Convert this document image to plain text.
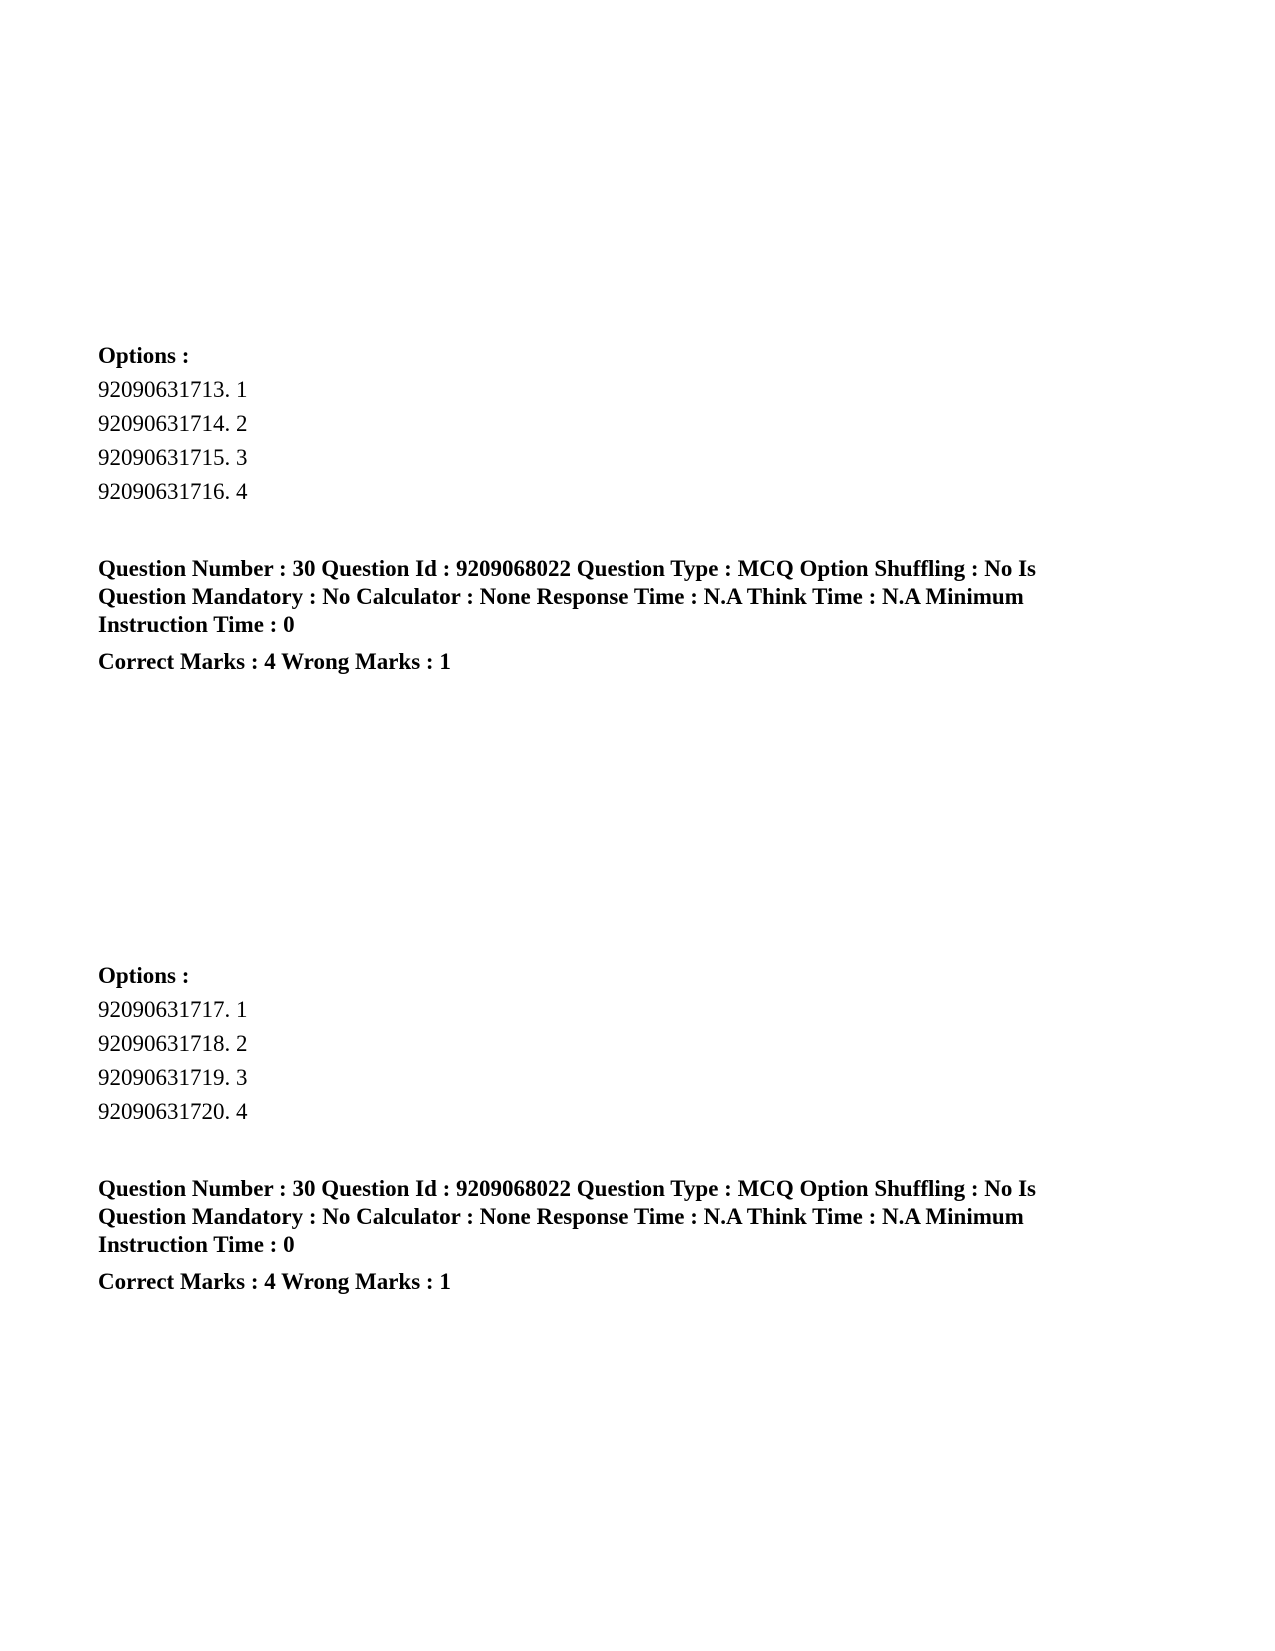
Options :
92090631713. 1
92090631714. 2
92090631715. 3
92090631716. 4
Question Number : 30 Question Id : 9209068022 Question Type : MCQ Option Shuffling : No Is
Question Mandatory : No Calculator : None Response Time : N.A Think Time : N.A Minimum
Instruction Time : 0
Correct Marks : 4 Wrong Marks : 1
Options :
92090631717. 1
92090631718. 2
92090631719. 3
92090631720. 4
Question Number : 30 Question Id : 9209068022 Question Type : MCQ Option Shuffling : No Is
Question Mandatory : No Calculator : None Response Time : N.A Think Time : N.A Minimum
Instruction Time : 0
Correct Marks : 4 Wrong Marks : 1
